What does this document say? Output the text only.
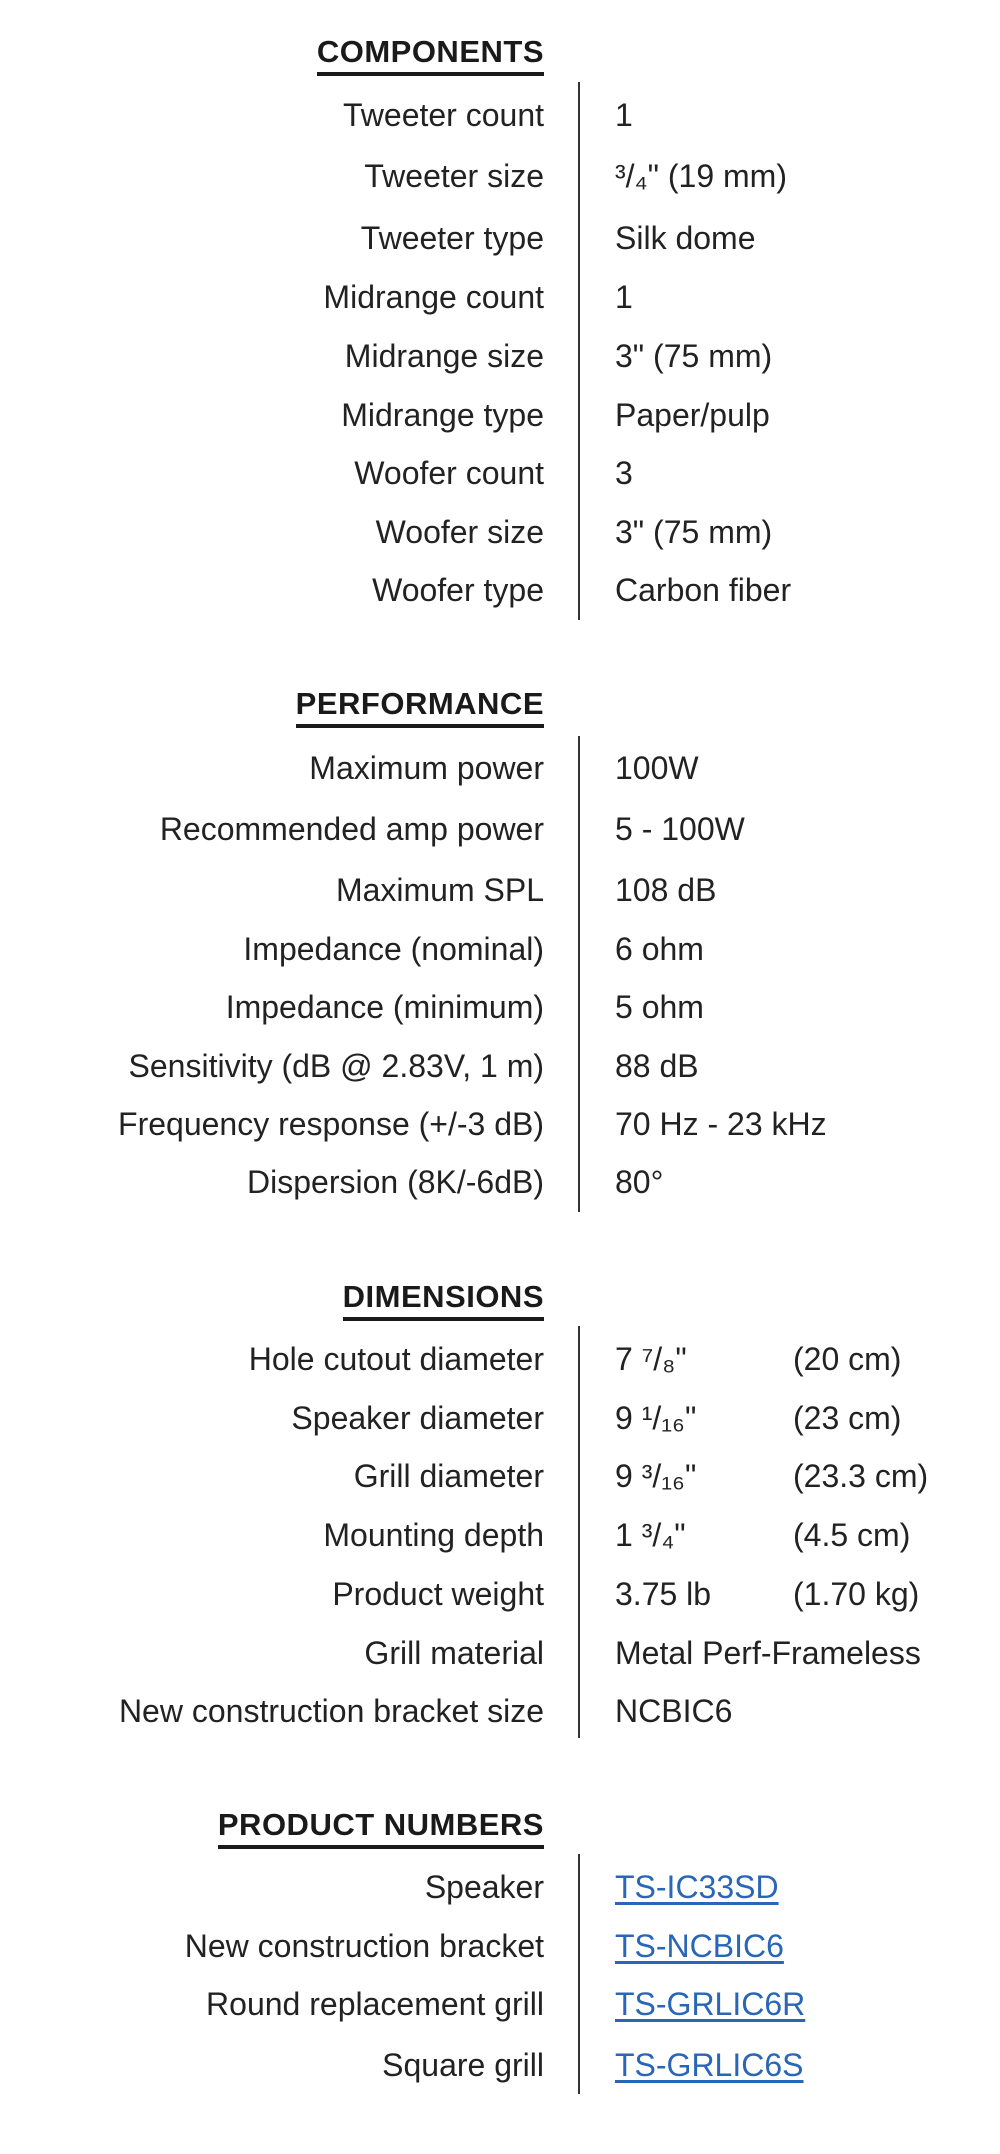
COMPONENTS
Tweeter count 1
Tweeter size ³/₄" (19 mm)
Tweeter type Silk dome
Midrange count 1
Midrange size 3" (75 mm)
Midrange type Paper/pulp
Woofer count 3
Woofer size 3" (75 mm)
Woofer type Carbon fiber
PERFORMANCE
Maximum power 100W
Recommended amp power 5 - 100W
Maximum SPL 108 dB
Impedance (nominal) 6 ohm
Impedance (minimum) 5 ohm
Sensitivity (dB @ 2.83V, 1 m) 88 dB
Frequency response (+/-3 dB) 70 Hz - 23 kHz
Dispersion (8K/-6dB) 80°
DIMENSIONS
Hole cutout diameter 7 ⁷/₈"	(20 cm)
Speaker diameter 9 ¹/₁₆"	(23 cm)
Grill diameter 9 ³/₁₆"	(23.3 cm)
Mounting depth 1 ³/₄"	(4.5 cm)
Product weight 3.75 lb	(1.70 kg)
Grill material Metal Perf-Frameless
New construction bracket size NCBIC6
PRODUCT NUMBERS
Speaker TS-IC33SD
New construction bracket TS-NCBIC6
Round replacement grill TS-GRLIC6R
Square grill TS-GRLIC6S
